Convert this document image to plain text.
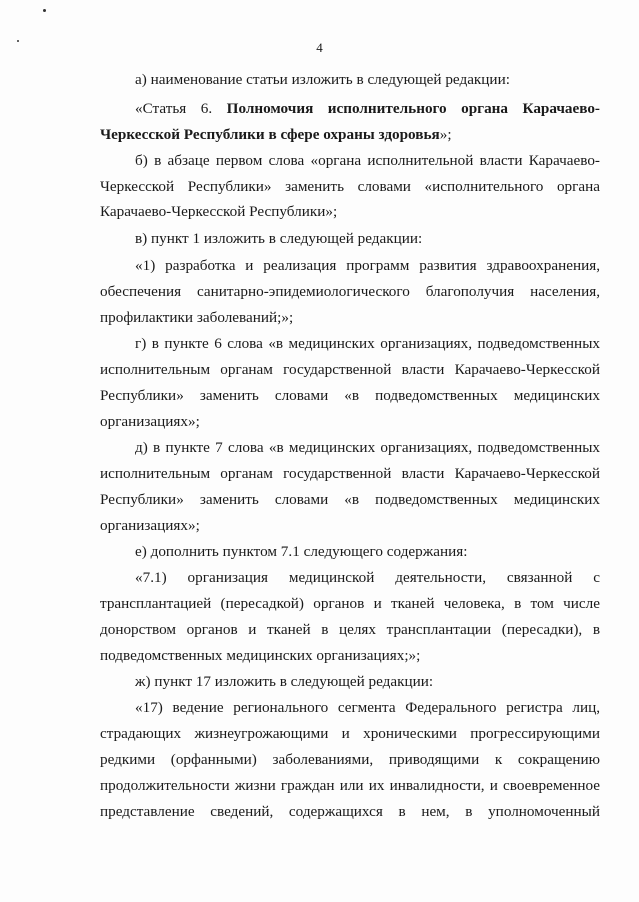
4
а) наименование статьи изложить в следующей редакции:
«Статья 6. Полномочия исполнительного органа Карачаево-
Черкесской Республики в сфере охраны здоровья»;
б) в абзаце первом слова «органа исполнительной власти Карачаево-
Черкесской Республики» заменить словами «исполнительного органа
Карачаево-Черкесской Республики»;
в) пункт 1 изложить в следующей редакции:
«1) разработка и реализация программ развития здравоохранения,
обеспечения санитарно-эпидемиологического благополучия населения,
профилактики заболеваний;»;
г) в пункте 6 слова «в медицинских организациях, подведомственных
исполнительным органам государственной власти Карачаево-Черкесской
Республики» заменить словами «в подведомственных медицинских
организациях»;
д) в пункте 7 слова «в медицинских организациях, подведомственных
исполнительным органам государственной власти Карачаево-Черкесской
Республики» заменить словами «в подведомственных медицинских
организациях»;
е) дополнить пунктом 7.1 следующего содержания:
«7.1) организация медицинской деятельности, связанной с
трансплантацией (пересадкой) органов и тканей человека, в том числе
донорством органов и тканей в целях трансплантации (пересадки), в
подведомственных медицинских организациях;»;
ж) пункт 17 изложить в следующей редакции:
«17) ведение регионального сегмента Федерального регистра лиц,
страдающих жизнеугрожающими и хроническими прогрессирующими
редкими (орфанными) заболеваниями, приводящими к сокращению
продолжительности жизни граждан или их инвалидности, и своевременное
представление сведений, содержащихся в нем, в уполномоченный
